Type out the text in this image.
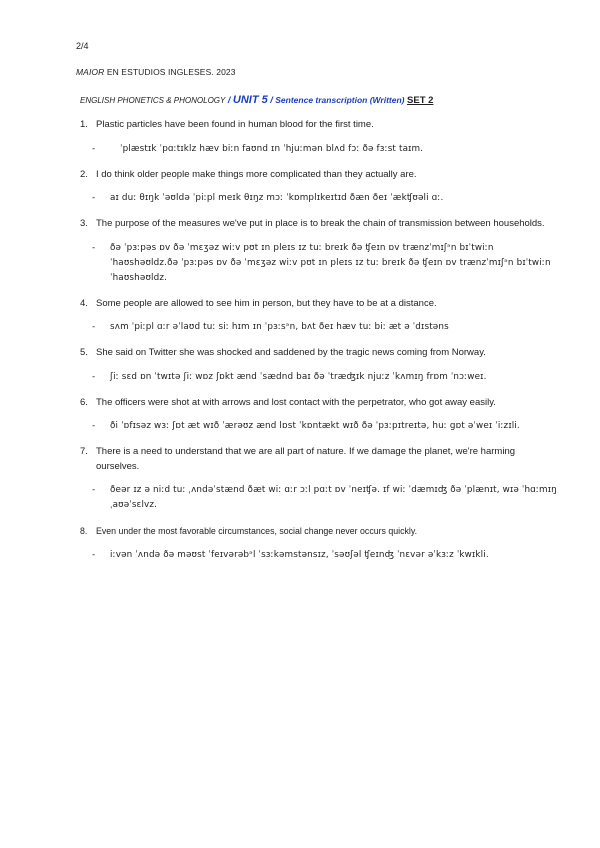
2/4
MAIOR EN ESTUDIOS INGLESES. 2023
ENGLISH PHONETICS & PHONOLOGY / UNIT 5 / Sentence transcription (Written) SET 2
1. Plastic particles have been found in human blood for the first time.
-	ˈplæstɪk ˈpɑːtɪklz hæv biːn faʊnd ɪn ˈhjuːmən blʌd fɔː ðə fɜːst taɪm.
2. I do think older people make things more complicated than they actually are.
- aɪ duː θɪŋk ˈəʊldə ˈpiːpl meɪk θɪŋz mɔː ˈkɒmplɪkeɪtɪd ðæn ðeɪ ˈækʧʊəli ɑː.
3. The purpose of the measures we've put in place is to break the chain of transmission between households.
- ðə ˈpɜːpəs ɒv ðə ˈmɛʒəz wiːv pʊt ɪn pleɪs ɪz tuː breɪk ðə ʧeɪn ɒv trænzˈmɪʃᵊn bɪˈtwiːn ˈhaʊshəʊldz.ðə ˈpɜːpəs ɒv ðə ˈmɛʒəz wiːv pʊt ɪn pleɪs ɪz tuː breɪk ðə ʧeɪn ɒv trænzˈmɪʃᵊn bɪˈtwiːn ˈhaʊshəʊldz.
4. Some people are allowed to see him in person, but they have to be at a distance.
- sʌm ˈpiːpl ɑːr əˈlaʊd tuː siː hɪm ɪn ˈpɜːsᵊn, bʌt ðeɪ hæv tuː biː æt ə ˈdɪstəns
5. She said on Twitter she was shocked and saddened by the tragic news coming from Norway.
- ʃiː sɛd ɒn ˈtwɪtə ʃiː wɒz ʃɒkt ænd ˈsædnd baɪ ðə ˈtræʤɪk njuːz ˈkʌmɪŋ frɒm ˈnɔːweɪ.
6. The officers were shot at with arrows and lost contact with the perpetrator, who got away easily.
- ði ˈɒfɪsəz wɜː ʃɒt æt wɪð ˈærəʊz ænd lɒst ˈkɒntækt wɪð ðə ˈpɜːpɪtreɪtə, huː gɒt əˈweɪ ˈiːzɪli.
7. There is a need to understand that we are all part of nature. If we damage the planet, we're harming ourselves.
- ðeər ɪz ə niːd tuː ˌʌndəˈstænd ðæt wiː ɑːr ɔːl pɑːt ɒv ˈneɪʧə. ɪf wiː ˈdæmɪʤ ðə ˈplænɪt, wɪə ˈhɑːmɪŋ ˌaʊəˈsɛlvz.
8. Even under the most favorable circumstances, social change never occurs quickly.
- iːvən ˈʌndə ðə məʊst ˈfeɪvərəbᵊl ˈsɜːkəmstənsɪz, ˈsəʊʃəl ʧeɪnʤ ˈnɛvər əˈkɜːz ˈkwɪkli.
